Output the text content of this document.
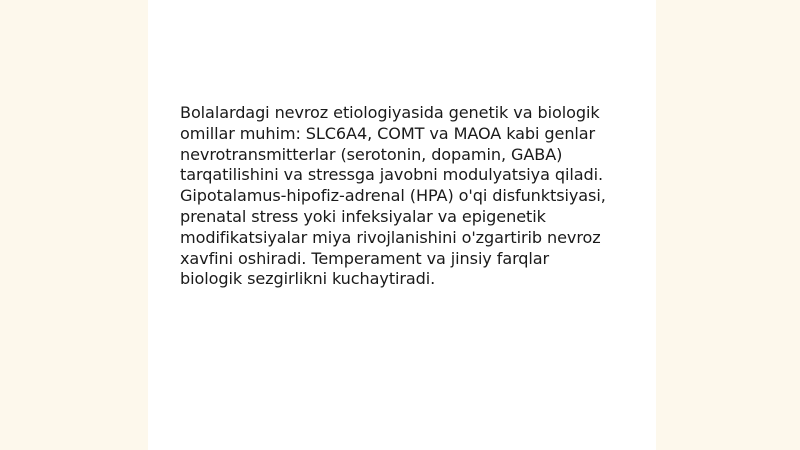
Bolalardagi nevroz etiologiyasida genetik va biologik
omillar muhim: SLC6A4, COMT va MAOA kabi genlar
nevrotransmitterlar (serotonin, dopamin, GABA)
tarqatilishini va stressga javobni modulyatsiya qiladi.
Gipotalamus-hipofiz-adrenal (HPA) o'qi disfunktsiyasi,
prenatal stress yoki infeksiyalar va epigenetik
modifikatsiyalar miya rivojlanishini o'zgartirib nevroz
xavfini oshiradi. Temperament va jinsiy farqlar
biologik sezgirlikni kuchaytiradi.
